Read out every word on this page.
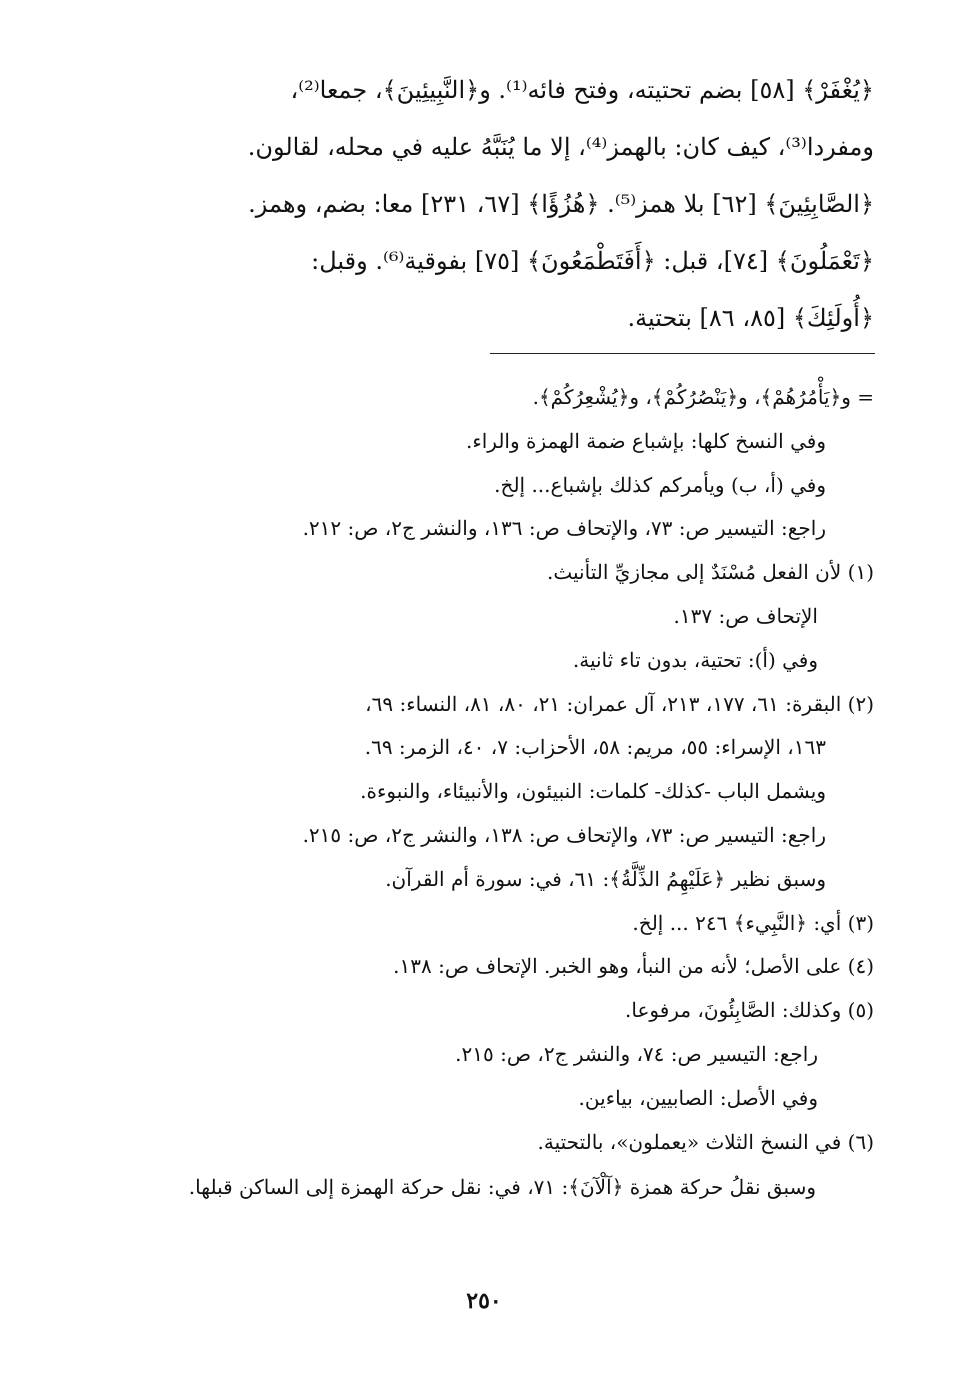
﴿يُغْفَرْ﴾ [٥٨] بضم تحتيته، وفتح فائه⁽¹⁾. و﴿النَّبِيئِينَ﴾، جمعا⁽²⁾،

ومفردا⁽³⁾، كيف كان: بالهمز⁽⁴⁾، إلا ما يُنَبَّهُ عليه في محله، لقالون.

﴿الصَّابِئِينَ﴾ [٦٢] بلا همز⁽⁵⁾. ﴿هُزُؤًا﴾ [٦٧، ٢٣١] معا: بضم، وهمز.

﴿تَعْمَلُونَ﴾ [٧٤]، قبل: ﴿أَفَتَطْمَعُونَ﴾ [٧٥] بفوقية⁽⁶⁾. وقبل:

﴿أُولَئِكَ﴾ [٨٥، ٨٦] بتحتية.

= و﴿يَأْمُرُهُمْ﴾، و﴿يَنْصُرُكُمْ﴾، و﴿يُشْعِرُكُمْ﴾.
وفي النسخ كلها: بإشباع ضمة الهمزة والراء.
وفي (أ، ب) ويأمركم كذلك بإشباع... إلخ.
راجع: التيسير ص: ٧٣، والإتحاف ص: ١٣٦، والنشر ج٢، ص: ٢١٢.
(١) لأن الفعل مُسْنَدٌ إلى مجازيِّ التأنيث.
الإتحاف ص: ١٣٧.
وفي (أ): تحتية، بدون تاء ثانية.
(٢) البقرة: ٦١، ١٧٧، ٢١٣، آل عمران: ٢١، ٨٠، ٨١، النساء: ٦٩،
١٦٣، الإسراء: ٥٥، مريم: ٥٨، الأحزاب: ٧، ٤٠، الزمر: ٦٩.
ويشمل الباب -كذلك- كلمات: النبيئون، والأنبيئاء، والنبوءة.
راجع: التيسير ص: ٧٣، والإتحاف ص: ١٣٨، والنشر ج٢، ص: ٢١٥.
وسبق نظير ﴿عَلَيْهِمُ الذِّلَّةُ﴾: ٦١، في: سورة أم القرآن.
(٣) أي: ﴿النَّبِيء﴾ ٢٤٦ ... إلخ.
(٤) على الأصل؛ لأنه من النبأ، وهو الخبر. الإتحاف ص: ١٣٨.
(٥) وكذلك: الصَّابِئُونَ، مرفوعا.
راجع: التيسير ص: ٧٤، والنشر ج٢، ص: ٢١٥.
وفي الأصل: الصابيين، بياءين.
(٦) في النسخ الثلاث «يعملون»، بالتحتية.
وسبق نقلُ حركة همزة ﴿آلْآنَ﴾: ٧١، في: نقل حركة الهمزة إلى الساكن قبلها.
٢٥٠
